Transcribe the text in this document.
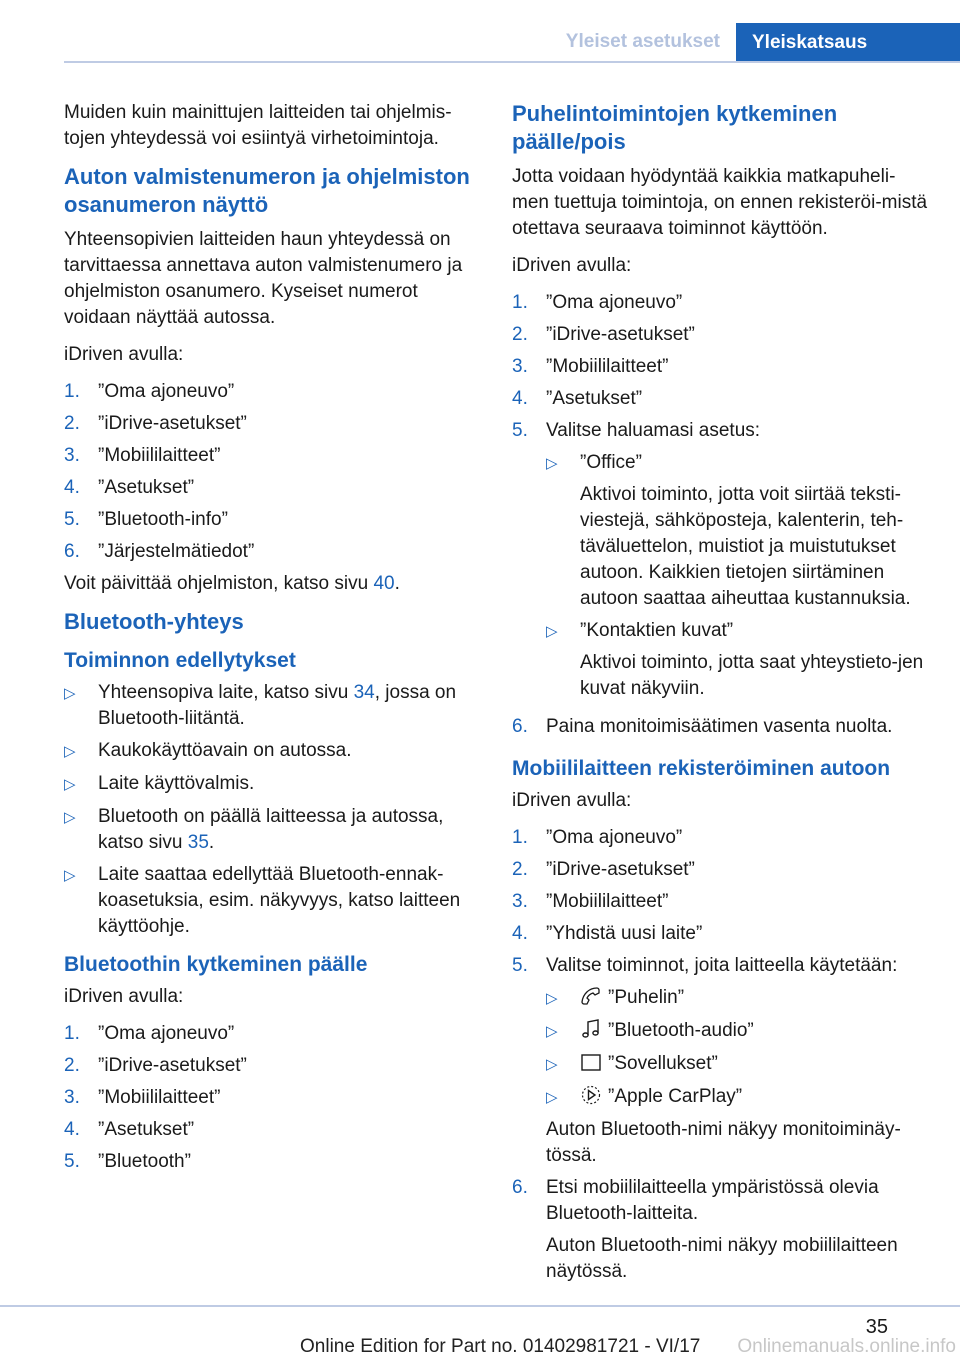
Yleiset asetukset	Yleiskatsaus

Muiden kuin mainittujen laitteiden tai ohjelmis‐tojen yhteydessä voi esiintyä virhetoimintoja.

Auton valmistenumeron ja ohjelmiston osanumeron näyttö

Yhteensopivien laitteiden haun yhteydessä on tarvittaessa annettava auton valmistenumero ja ohjelmiston osanumero. Kyseiset numerot voidaan näyttää autossa.

iDriven avulla:

1. ”Oma ajoneuvo”
2. ”iDrive-asetukset”
3. ”Mobiililaitteet”
4. ”Asetukset”
5. ”Bluetooth-info”
6. ”Järjestelmätiedot”

Voit päivittää ohjelmiston, katso sivu 40.

Bluetooth-yhteys
Toiminnon edellytykset
▷	Yhteensopiva laite, katso sivu 34, jossa on Bluetooth-liitäntä.
▷	Kaukokäyttöavain on autossa.
▷	Laite käyttövalmis.
▷	Bluetooth on päällä laitteessa ja autossa, katso sivu 35.
▷	Laite saattaa edellyttää Bluetooth-ennak‐koasetuksia, esim. näkyvyys, katso laitteen käyttöohje.
Bluetoothin kytkeminen päälle

iDriven avulla:

1. ”Oma ajoneuvo”
2. ”iDrive-asetukset”
3. ”Mobiililaitteet”
4. ”Asetukset”
5. ”Bluetooth”
Puhelintoimintojen kytkeminen päälle/pois

Jotta voidaan hyödyntää kaikkia matkapuheli‐men tuettuja toimintoja, on ennen rekisteröi‐mistä otettava seuraava toiminnot käyttöön.

iDriven avulla:

1. ”Oma ajoneuvo”
2. ”iDrive-asetukset”
3. ”Mobiililaitteet”
4. ”Asetukset”
5. Valitse haluamasi asetus:
▷	”Office”
Aktivoi toiminto, jotta voit siirtää teksti‐viestejä, sähköposteja, kalenterin, teh‐täväluettelon, muistiot ja muistutukset autoon. Kaikkien tietojen siirtäminen autoon saattaa aiheuttaa kustannuksia.
▷	”Kontaktien kuvat”
Aktivoi toiminto, jotta saat yhteystieto‐jen kuvat näkyviin.
6. Paina monitoimisäätimen vasenta nuolta.
Mobiililaitteen rekisteröiminen autoon

iDriven avulla:

1. ”Oma ajoneuvo”
2. ”iDrive-asetukset”
3. ”Mobiililaitteet”
4. ”Yhdistä uusi laite”
5. Valitse toiminnot, joita laitteella käytetään:
▷	”Puhelin”
▷	”Bluetooth-audio”
▷	”Sovellukset”
▷	”Apple CarPlay”
Auton Bluetooth-nimi näkyy monitoiminäy‐tössä.
6. Etsi mobiililaitteella ympäristössä olevia Bluetooth-laitteita.
Auton Bluetooth-nimi näkyy mobiililaitteen näytössä.
35
Online Edition for Part no. 01402981721 - VI/17 Onlinemanuals.online.info
